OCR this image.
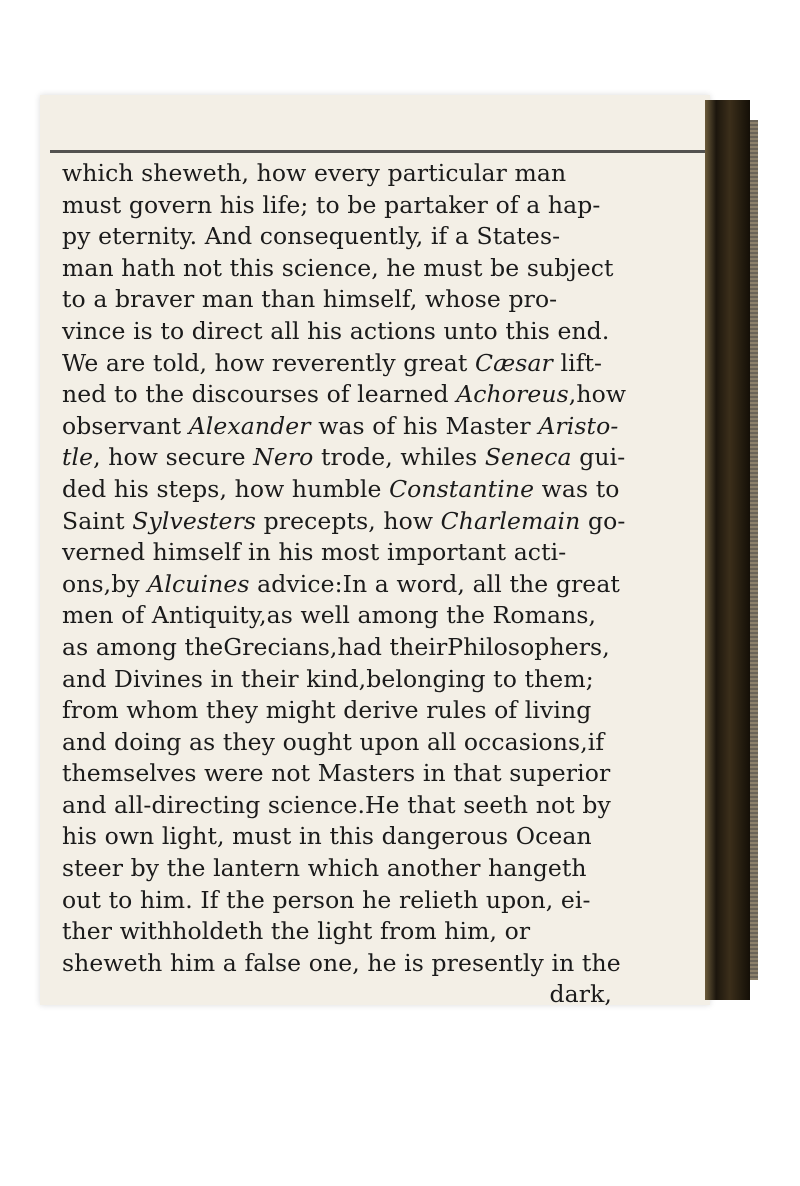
which sheweth, how every particular man
must govern his life; to be partaker of a hap-
py eternity. And consequently, if a States-
man hath not this science, he must be subject
to a braver man than himself, whose pro-
vince is to direct all his actions unto this end.
We are told, how reverently great Cæsar lift-
ned to the discourses of learned Achoreus,how
observant Alexander was of his Master Aristo-
tle, how secure Nero trode, whiles Seneca gui-
ded his steps, how humble Constantine was to
Saint Sylvesters precepts, how Charlemain go-
verned himself in his most important acti-
ons,by Alcuines advice:In a word, all the great
men of Antiquity,as well among the Romans,
as among theGrecians,had theirPhilosophers,
and Divines in their kind,belonging to them;
from whom they might derive rules of living
and doing as they ought upon all occasions,if
themselves were not Masters in that superior
and all-directing science.He that seeth not by
his own light, must in this dangerous Ocean
steer by the lantern which another hangeth
out to him. If the person he relieth upon, ei-
ther withholdeth the light from him, or
sheweth him a false one, he is presently in the
dark,
